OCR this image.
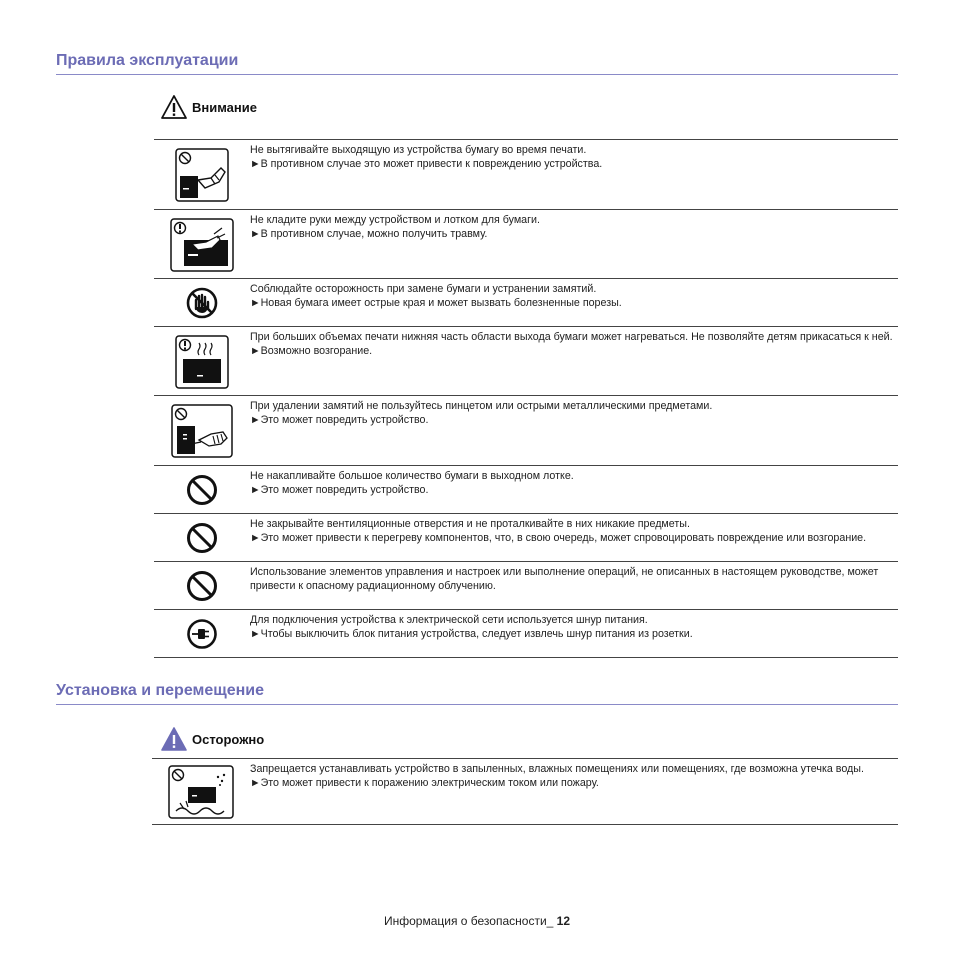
Правила эксплуатации
Внимание

Не вытягивайте выходящую из устройства бумагу во время печати.

►В противном случае это может привести к повреждению устройства.

Не кладите руки между устройством и лотком для бумаги.

►В противном случае, можно получить травму.

Соблюдайте осторожность при замене бумаги и устранении замятий.

►Новая бумага имеет острые края и может вызвать болезненные порезы.

При больших объемах печати нижняя часть области выхода бумаги может нагреваться. Не позволяйте детям прикасаться к ней.

►Возможно возгорание.

При удалении замятий не пользуйтесь пинцетом или острыми металлическими предметами.

►Это может повредить устройство.

Не накапливайте большое количество бумаги в выходном лотке.

►Это может повредить устройство.

Не закрывайте вентиляционные отверстия и не проталкивайте в них никакие предметы.

►Это может привести к перегреву компонентов, что, в свою очередь, может спровоцировать повреждение или возгорание.

Использование элементов управления и настроек или выполнение операций, не описанных в настоящем руководстве, может привести к опасному радиационному облучению.

Для подключения устройства к электрической сети используется шнур питания.

►Чтобы выключить блок питания устройства, следует извлечь шнур питания из розетки.

Установка и перемещение
Осторожно

Запрещается устанавливать устройство в запыленных, влажных помещениях или помещениях, где возможна утечка воды.

►Это может привести к поражению электрическим током или пожару.

Информация о безопасности_ 12
